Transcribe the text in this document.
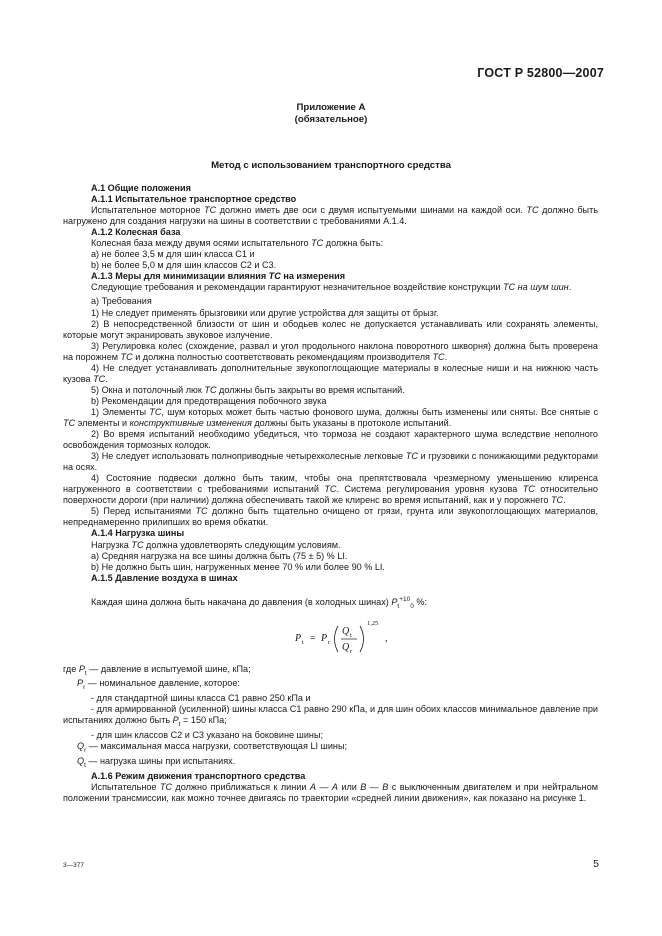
ГОСТ Р 52800—2007
Приложение А
(обязательное)
Метод с использованием транспортного средства

А.1 Общие положения

А.1.1 Испытательное транспортное средство

Испытательное моторное ТС должно иметь две оси с двумя испытуемыми шинами на каждой оси. ТС должно быть нагружено для создания нагрузки на шины в соответствии с требованиями А.1.4.

А.1.2 Колесная база

Колесная база между двумя осями испытательного ТС должна быть:

а) не более 3,5 м для шин класса С1 и

b) не более 5,0 м для шин классов С2 и С3.

А.1.3 Меры для минимизации влияния ТС на измерения

Следующие требования и рекомендации гарантируют незначительное воздействие конструкции ТС на шум шин.

а) Требования

1) Не следует применять брызговики или другие устройства для защиты от брызг.

2) В непосредственной близости от шин и ободьев колес не допускается устанавливать или сохранять элементы, которые могут экранировать звуковое излучение.

3) Регулировка колес (схождение, развал и угол продольного наклона поворотного шкворня) должна быть проверена на порожнем ТС и должна полностью соответствовать рекомендациям производителя ТС.

4) Не следует устанавливать дополнительные звукопоглощающие материалы в колесные ниши и на нижнюю часть кузова ТС.

5) Окна и потолочный люк ТС должны быть закрыты во время испытаний.

b) Рекомендации для предотвращения побочного звука

1) Элементы ТС, шум которых может быть частью фонового шума, должны быть изменены или сняты. Все снятые с ТС элементы и конструктивные изменения должны быть указаны в протоколе испытаний.

2) Во время испытаний необходимо убедиться, что тормоза не создают характерного шума вследствие неполного освобождения тормозных колодок.

3) Не следует использовать полноприводные четырехколесные легковые ТС и грузовики с понижающими редукторами на осях.

4) Состояние подвески должно быть таким, чтобы она препятствовала чрезмерному уменьшению клиренса нагруженного в соответствии с требованиями испытаний ТС. Система регулирования уровня кузова ТС относительно поверхности дороги (при наличии) должна обеспечивать такой же клиренс во время испытаний, как и у порожнего ТС.

5) Перед испытаниями ТС должно быть тщательно очищено от грязи, грунта или звукопоглощающих материалов, непреднамеренно прилипших во время обкатки.

А.1.4 Нагрузка шины

Нагрузка ТС должна удовлетворять следующим условиям.

а) Средняя нагрузка на все шины должна быть (75 ± 5) % LI.

b) Не должно быть шин, нагруженных менее 70 % или более 90 % LI.

А.1.5 Давление воздуха в шинах

Каждая шина должна быть накачана до давления (в холодных шинах) $P_t^{+10}_0$ %:

P t = P r
Q t
Q r
1,25
,

где $P_t$ — давление в испытуемой шине, кПа;

$P_r$ — номинальное давление, которое:

- для стандартной шины класса С1 равно 250 кПа и

- для армированной (усиленной) шины класса С1 равно 290 кПа, и для шин обоих классов минимальное давление при испытаниях должно быть $P_t = 150$ кПа;

- для шин классов С2 и С3 указано на боковине шины;

$Q_r$ — максимальная масса нагрузки, соответствующая LI шины;

$Q_t$ — нагрузка шины при испытаниях.

А.1.6 Режим движения транспортного средства

Испытательное ТС должно приближаться к линии А — А или В — В с выключенным двигателем и при нейтральном положении трансмиссии, как можно точнее двигаясь по траектории «средней линии движения», как показано на рисунке 1.

3—377	5
